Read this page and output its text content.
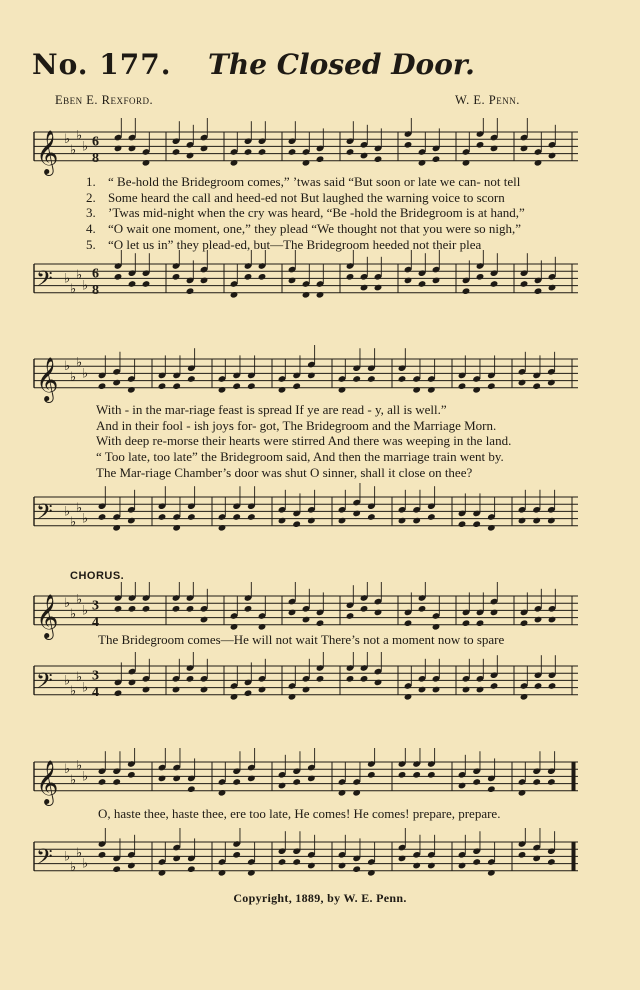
No. 177. The Closed Door.
Eben E. Rexford.	W. E. Penn.
𝄞 ♭
♭
♭
♭ 6
8
1. “ Be-hold the Bridegroom comes,” ’twas said “But soon or late we can- not tell
2. Some heard the call and heed-ed not But laughed the warning voice to scorn
3. ’Twas mid-night when the cry was heard, “Be -hold the Bridegroom is at hand,”
4. “O wait one moment, one,” they plead “We thought not that you were so nigh,”
5. “O let us in” they plead-ed, but—The Bridegroom heeded not their plea
𝄢 ♭
♭
♭
♭
6
8
𝄞 ♭
♭
♭
♭
With - in the mar-riage feast is spread If ye are read - y, all is well.”
And in their fool - ish joys for- got, The Bridegroom and the Marriage Morn.
With deep re-morse their hearts were stirred And there was weeping in the land.
“ Too late, too late” the Bridegroom said, And then the marriage train went by.
The Mar-riage Chamber’s door was shut O sinner, shall it close on thee?
𝄢 ♭
♭
♭
♭
CHORUS.
𝄞 ♭
♭
♭
♭ 3
4
The Bridegroom comes—He will not wait There’s not a moment now to spare
𝄢 ♭
♭
♭
♭
3
4
𝄞 ♭
♭
♭
♭
O, haste thee, haste thee, ere too late, He comes! He comes! prepare, prepare.
𝄢 ♭
♭
♭
♭
Copyright, 1889, by W. E. Penn.
